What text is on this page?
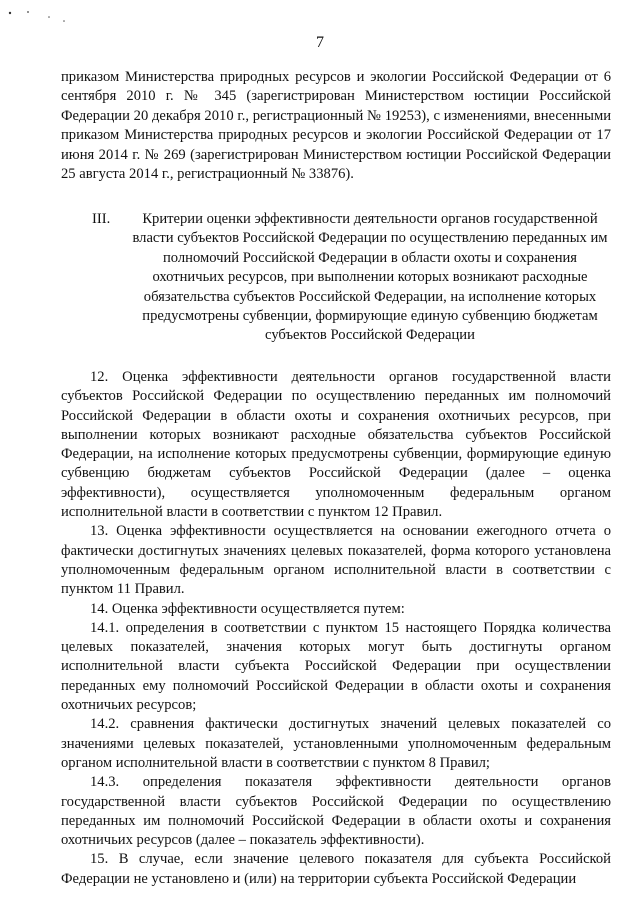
7

приказом Министерства природных ресурсов и экологии Российской Федерации от 6 сентября 2010 г. № 345 (зарегистрирован Министерством юстиции Российской Федерации 20 декабря 2010 г., регистрационный № 19253), с изменениями, внесенными приказом Министерства природных ресурсов и экологии Российской Федерации от 17 июня 2014 г. № 269 (зарегистрирован Министерством юстиции Российской Федерации 25 августа 2014 г., регистрационный № 33876).

III.	Критерии оценки эффективности деятельности органов государственной власти субъектов Российской Федерации по осуществлению переданных им полномочий Российской Федерации в области охоты и сохранения охотничьих ресурсов, при выполнении которых возникают расходные обязательства субъектов Российской Федерации, на исполнение которых предусмотрены субвенции, формирующие единую субвенцию бюджетам субъектов Российской Федерации

12. Оценка эффективности деятельности органов государственной власти субъектов Российской Федерации по осуществлению переданных им полномочий Российской Федерации в области охоты и сохранения охотничьих ресурсов, при выполнении которых возникают расходные обязательства субъектов Российской Федерации, на исполнение которых предусмотрены субвенции, формирующие единую субвенцию бюджетам субъектов Российской Федерации (далее – оценка эффективности), осуществляется уполномоченным федеральным органом исполнительной власти в соответствии с пунктом 12 Правил.

13. Оценка эффективности осуществляется на основании ежегодного отчета о фактически достигнутых значениях целевых показателей, форма которого установлена уполномоченным федеральным органом исполнительной власти в соответствии с пунктом 11 Правил.

14. Оценка эффективности осуществляется путем:

14.1. определения в соответствии с пунктом 15 настоящего Порядка количества целевых показателей, значения которых могут быть достигнуты органом исполнительной власти субъекта Российской Федерации при осуществлении переданных ему полномочий Российской Федерации в области охоты и сохранения охотничьих ресурсов;

14.2. сравнения фактически достигнутых значений целевых показателей со значениями целевых показателей, установленными уполномоченным федеральным органом исполнительной власти в соответствии с пунктом 8 Правил;

14.3. определения показателя эффективности деятельности органов государственной власти субъектов Российской Федерации по осуществлению переданных им полномочий Российской Федерации в области охоты и сохранения охотничьих ресурсов (далее – показатель эффективности).

15. В случае, если значение целевого показателя для субъекта Российской Федерации не установлено и (или) на территории субъекта Российской Федерации
